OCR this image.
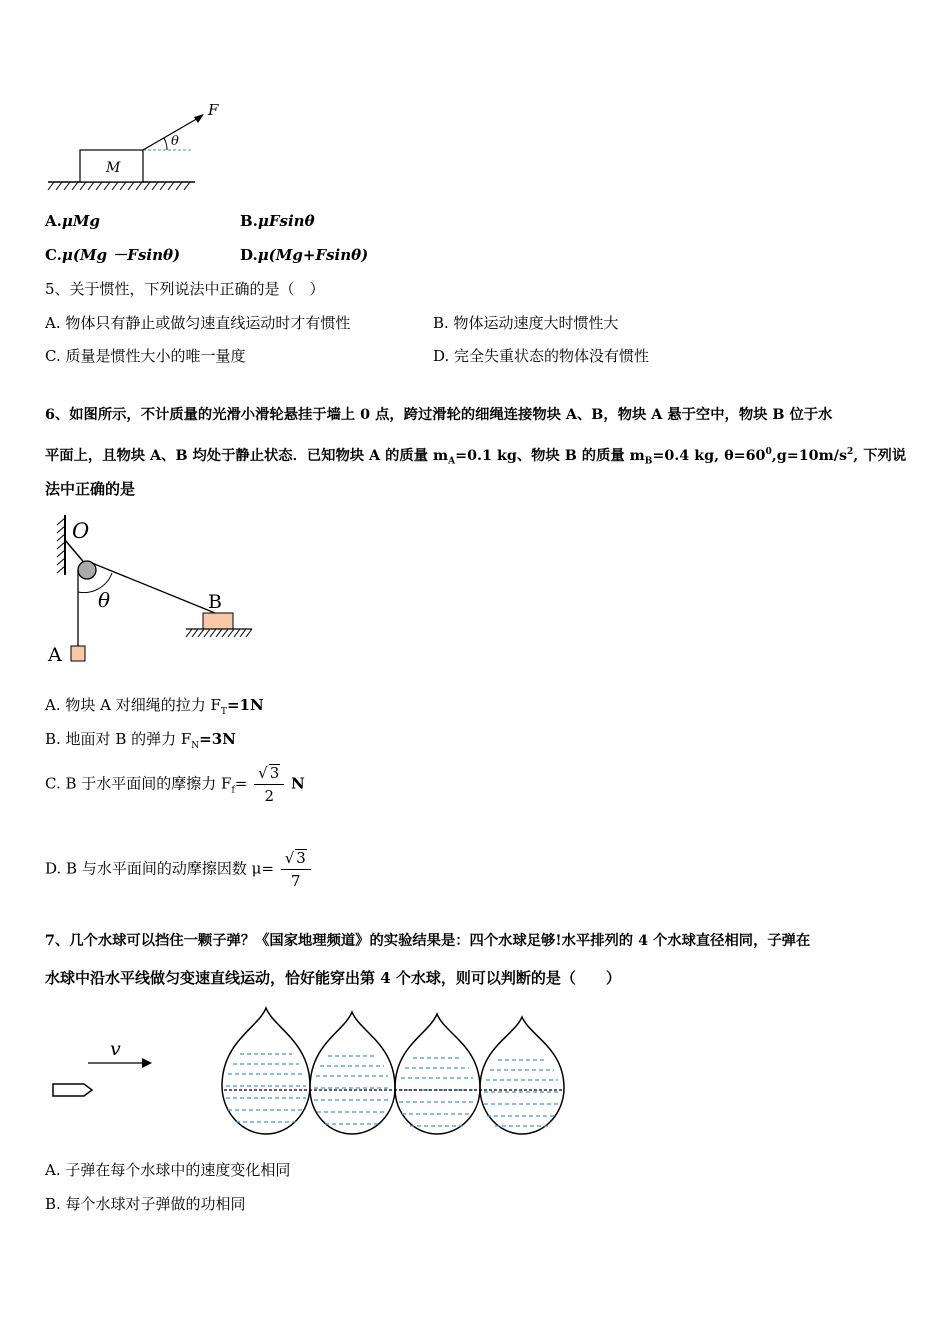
M
θ
F
A.μMg	B.μFsinθ
C.μ(Mg －Fsinθ)	D.μ(Mg+Fsinθ)
5、关于惯性，下列说法中正确的是（　）
A. 物体只有静止或做匀速直线运动时才有惯性	B. 物体运动速度大时惯性大
C. 质量是惯性大小的唯一量度	D. 完全失重状态的物体没有惯性
6、如图所示，不计质量的光滑小滑轮悬挂于墙上 0 点，跨过滑轮的细绳连接物块 A、B，物块 A 悬于空中，物块 B 位于水
平面上，且物块 A、B 均处于静止状态．已知物块 A 的质量 $m_A=0.1$ kg、物块 B 的质量 $m_B=0.4$ kg, $\theta=60^0,g=10m/s^2$, 下列说
法中正确的是
θ
O
A
B
A. 物块 A 对细绳的拉力 $F_T=1N$
B. 地面对 B 的弹力 $F_N=3N$
C. B 于水平面间的摩擦力 $F_f= \frac{√ 3}{2}$ N
D. B 与水平面间的动摩擦因数 $\mu= \frac{√ 3}{7}$
7、几个水球可以挡住一颗子弹？《国家地理频道》的实验结果是：四个水球足够!水平排列的 4 个水球直径相同，子弹在
水球中沿水平线做匀变速直线运动，恰好能穿出第 4 个水球，则可以判断的是（　　）
v
A. 子弹在每个水球中的速度变化相同
B. 每个水球对子弹做的功相同
